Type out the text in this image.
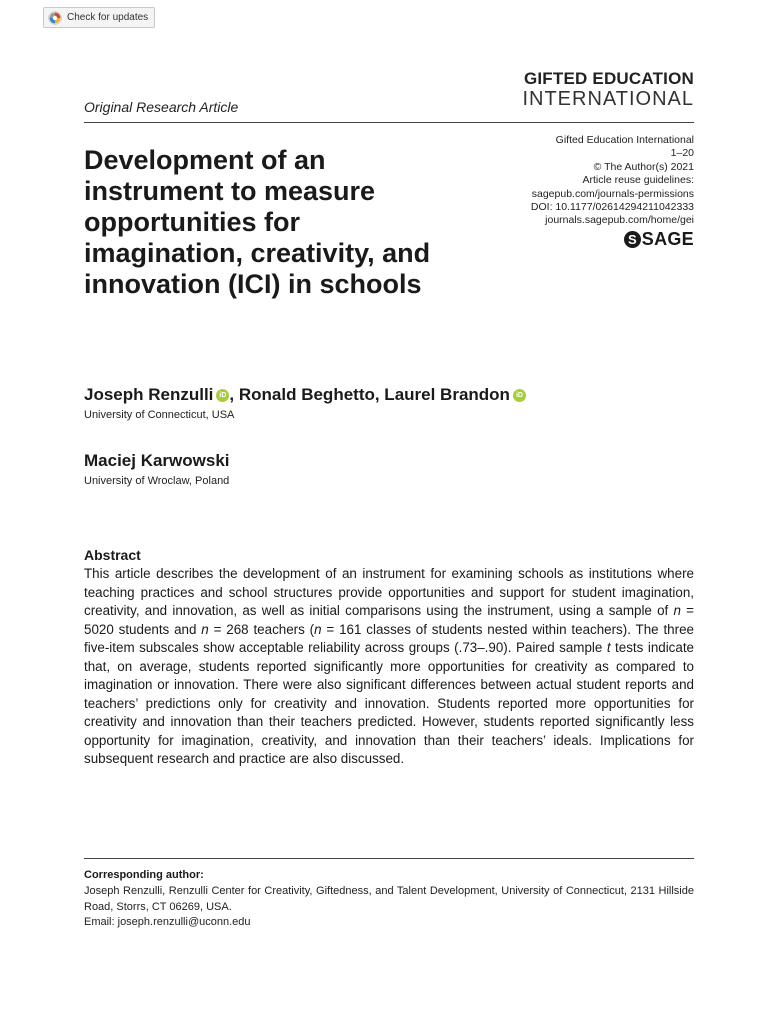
Check for updates
GIFTED EDUCATION
INTERNATIONAL
Original Research Article
Development of an instrument to measure opportunities for imagination, creativity, and innovation (ICI) in schools
Gifted Education International
1–20
© The Author(s) 2021
Article reuse guidelines:
sagepub.com/journals-permissions
DOI: 10.1177/02614294211042333
journals.sagepub.com/home/gei
S SAGE
Joseph Renzulli iD , Ronald Beghetto, Laurel Brandon iD
University of Connecticut, USA
Maciej Karwowski
University of Wroclaw, Poland
Abstract

This article describes the development of an instrument for examining schools as institutions where teaching practices and school structures provide opportunities and support for student imagination, creativity, and innovation, as well as initial comparisons using the instrument, using a sample of n = 5020 students and n = 268 teachers (n = 161 classes of students nested within teachers). The three five-item subscales show acceptable reliability across groups (.73–.90). Paired sample t tests indicate that, on average, students reported significantly more opportunities for creativity as compared to imagination or innovation. There were also significant differences between actual student reports and teachers’ predictions only for creativity and innovation. Students reported more opportunities for creativity and innovation than their teachers predicted. However, students reported significantly less opportunity for imagination, creativity, and innovation than their teachers’ ideals. Implications for subsequent research and practice are also discussed.

Corresponding author:

Joseph Renzulli, Renzulli Center for Creativity, Giftedness, and Talent Development, University of Connecticut, 2131 Hillside Road, Storrs, CT 06269, USA.

Email: joseph.renzulli@uconn.edu
